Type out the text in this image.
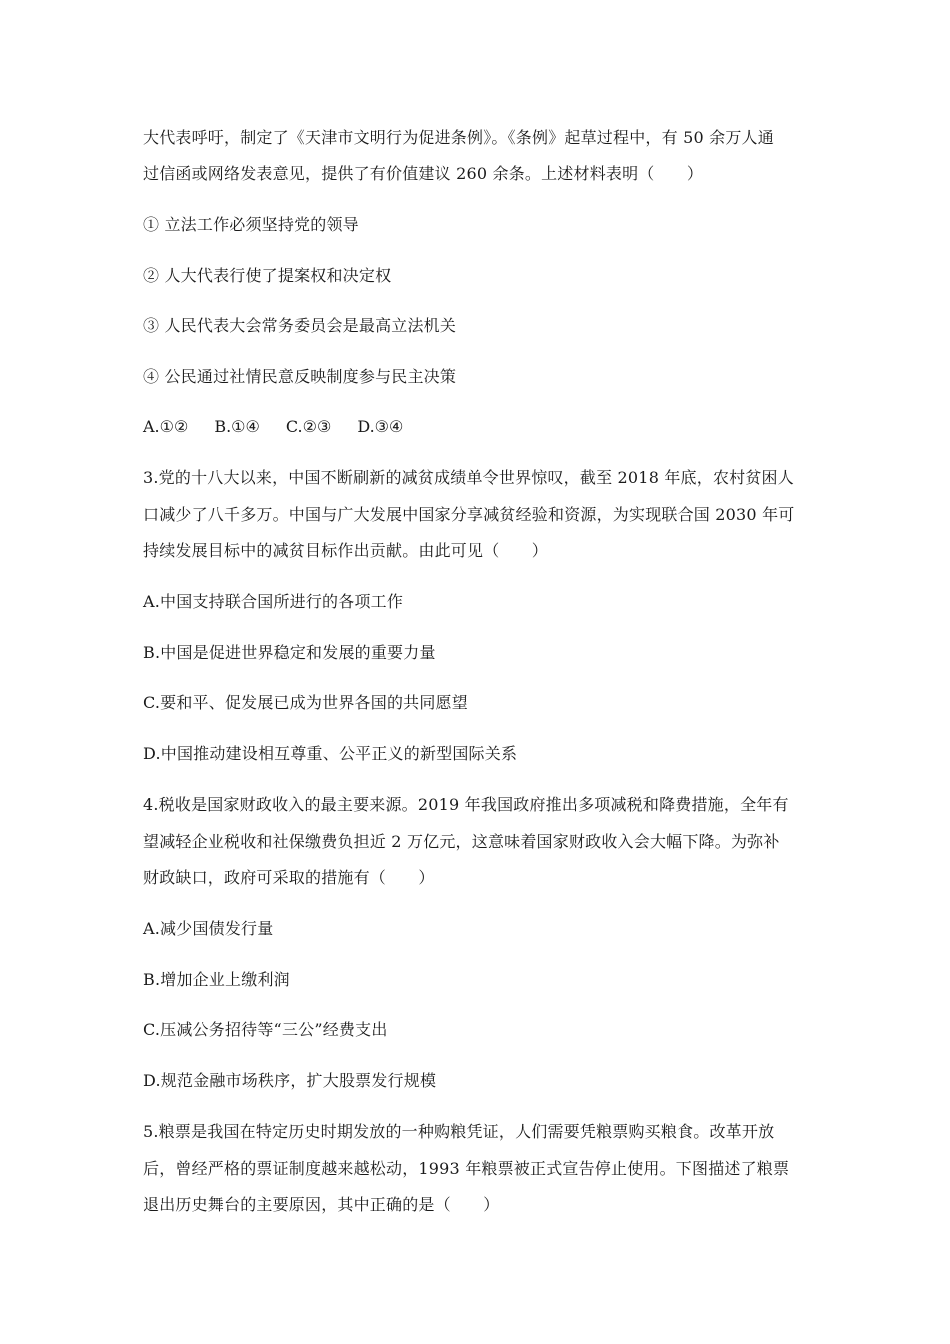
大代表呼吁，制定了《天津市文明行为促进条例》。《条例》起草过程中，有 50 余万人通
过信函或网络发表意见，提供了有价值建议 260 余条。上述材料表明（　　）
① 立法工作必须坚持党的领导
② 人大代表行使了提案权和决定权
③ 人民代表大会常务委员会是最高立法机关
④ 公民通过社情民意反映制度参与民主决策
A.①② B.①④ C.②③ D.③④
3.党的十八大以来，中国不断刷新的减贫成绩单令世界惊叹，截至 2018 年底，农村贫困人
口减少了八千多万。中国与广大发展中国家分享减贫经验和资源，为实现联合国 2030 年可
持续发展目标中的减贫目标作出贡献。由此可见（　　）
A.中国支持联合国所进行的各项工作
B.中国是促进世界稳定和发展的重要力量
C.要和平、促发展已成为世界各国的共同愿望
D.中国推动建设相互尊重、公平正义的新型国际关系
4.税收是国家财政收入的最主要来源。2019 年我国政府推出多项减税和降费措施，全年有
望减轻企业税收和社保缴费负担近 2 万亿元，这意味着国家财政收入会大幅下降。为弥补
财政缺口，政府可采取的措施有（　　）
A.减少国债发行量
B.增加企业上缴利润
C.压减公务招待等“三公”经费支出
D.规范金融市场秩序，扩大股票发行规模
5.粮票是我国在特定历史时期发放的一种购粮凭证，人们需要凭粮票购买粮食。改革开放
后，曾经严格的票证制度越来越松动，1993 年粮票被正式宣告停止使用。下图描述了粮票
退出历史舞台的主要原因，其中正确的是（　　）
